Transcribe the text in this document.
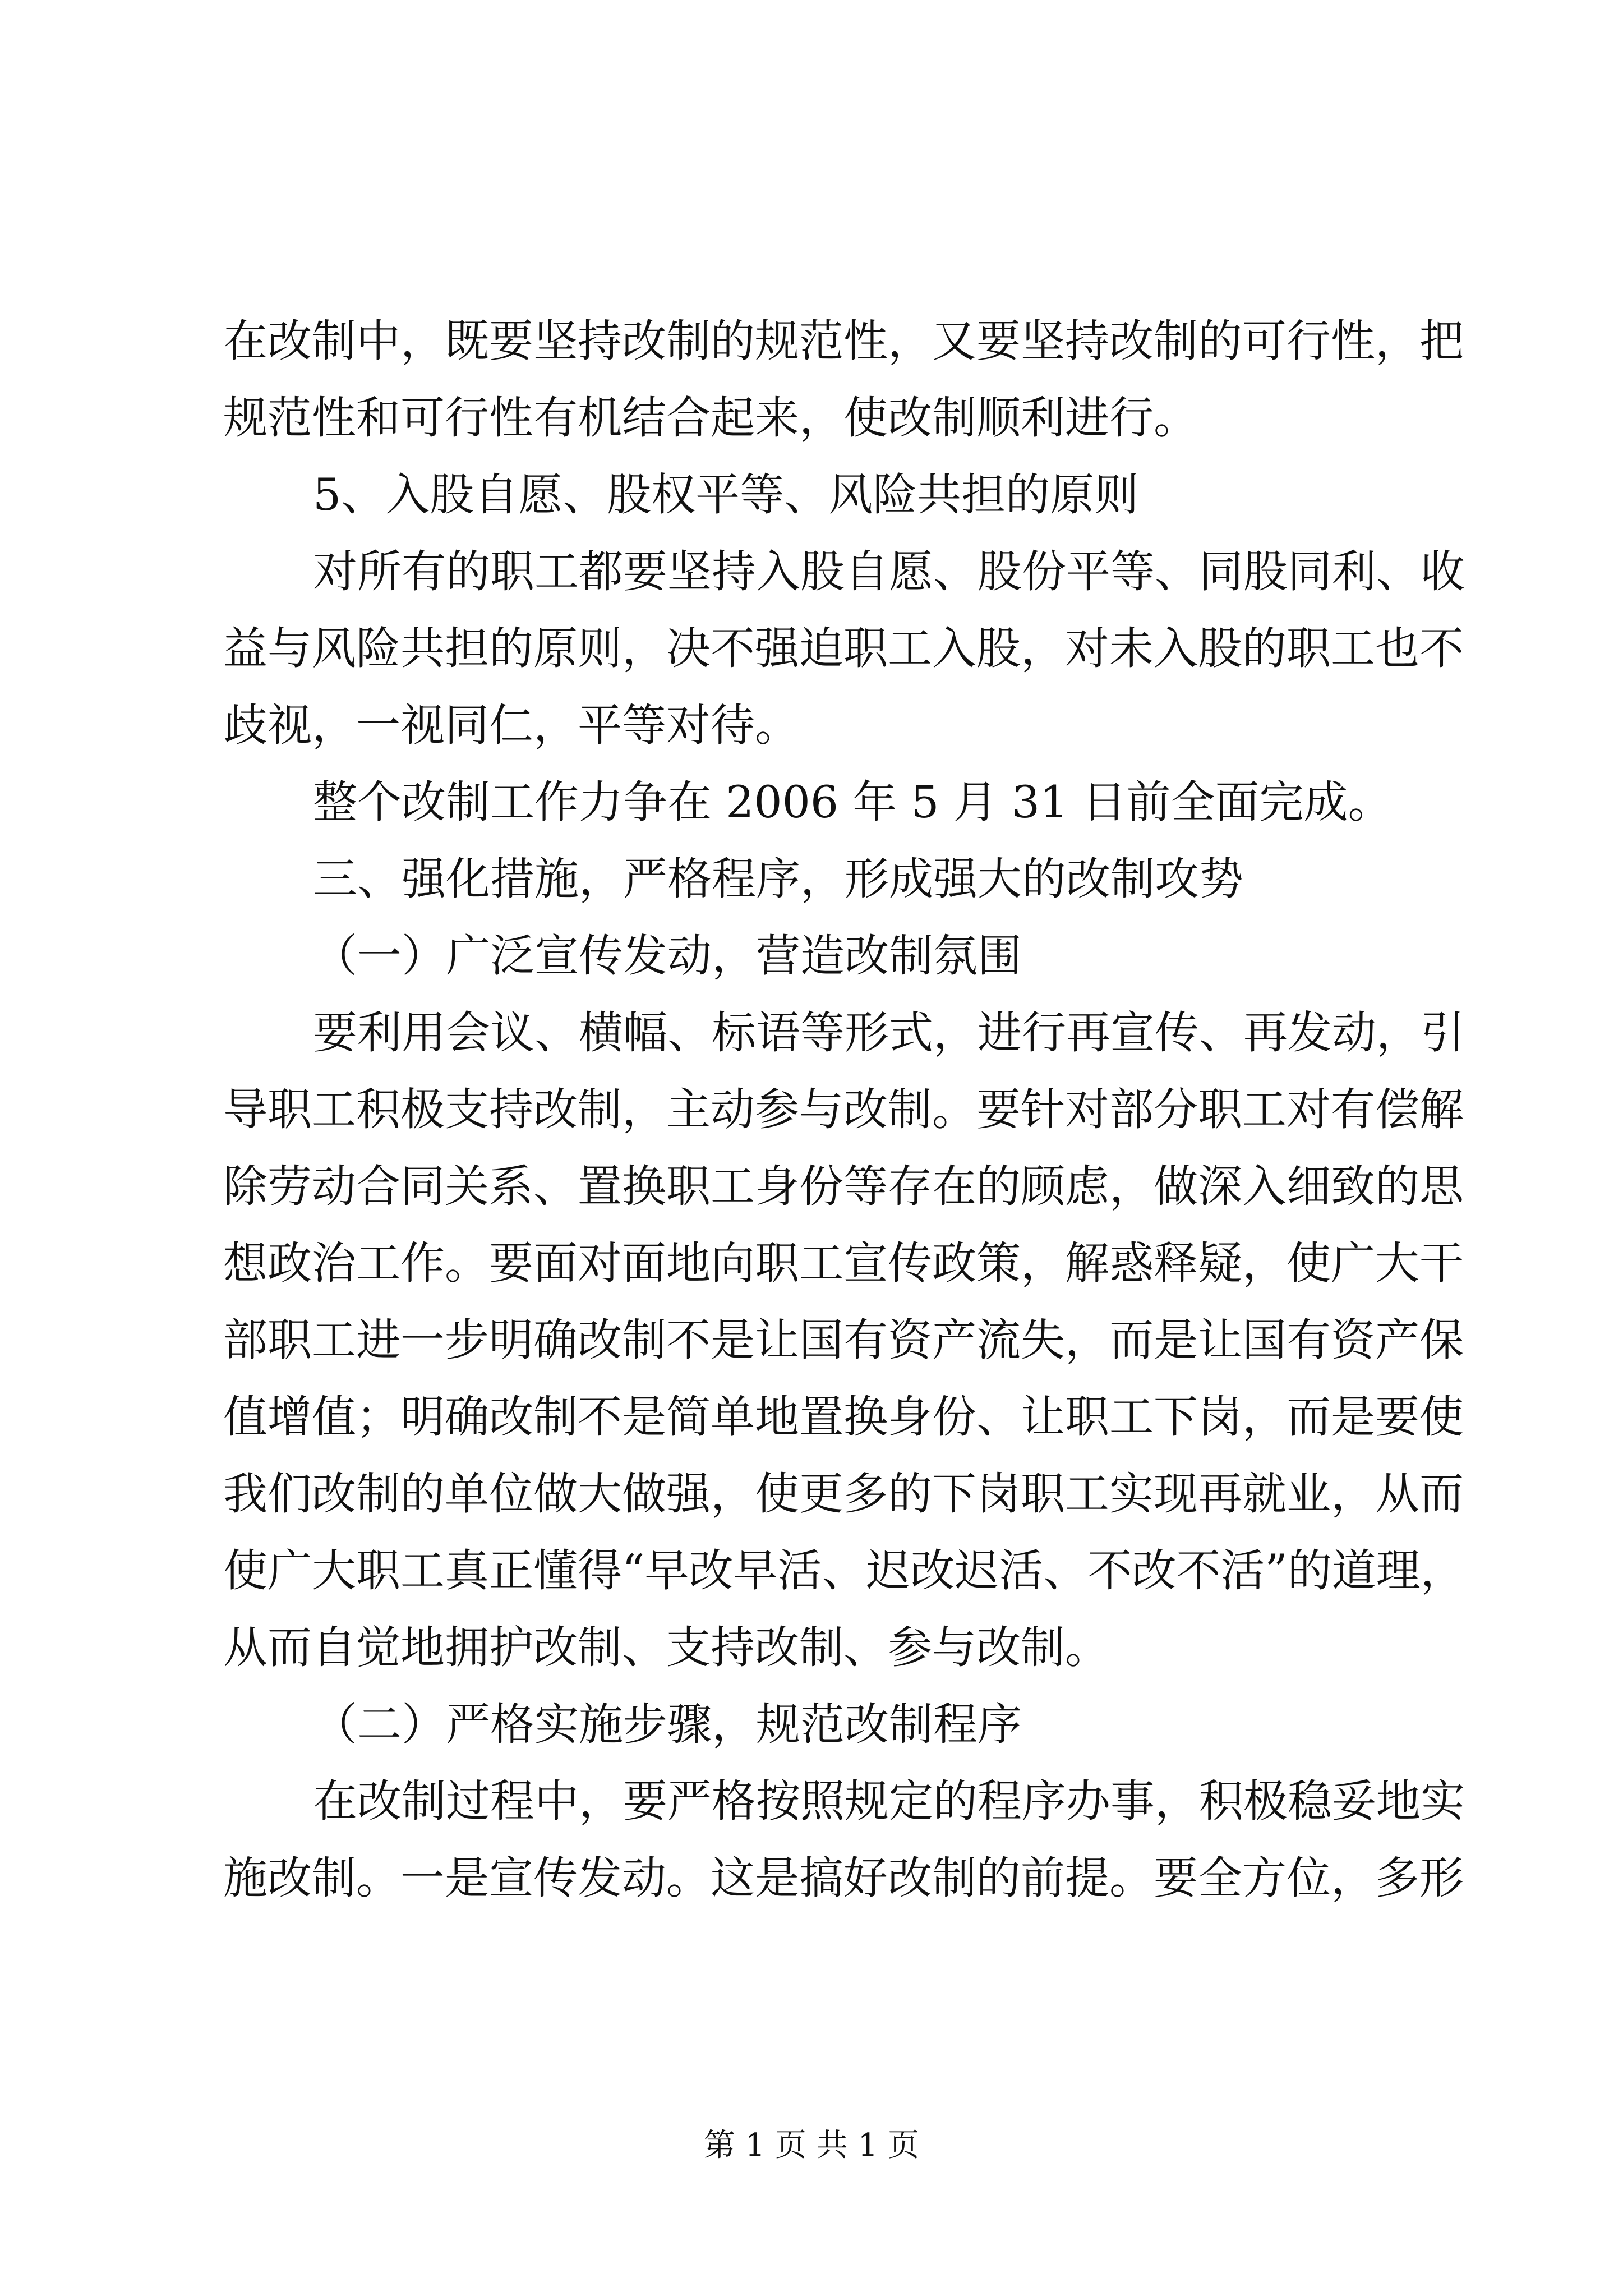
在改制中，既要坚持改制的规范性，又要坚持改制的可行性，把
规范性和可行性有机结合起来，使改制顺利进行。
5、入股自愿、股权平等、风险共担的原则
对所有的职工都要坚持入股自愿、股份平等、同股同利、收
益与风险共担的原则，决不强迫职工入股，对未入股的职工也不
歧视，一视同仁，平等对待。
整个改制工作力争在 2006 年 5 月 31 日前全面完成。
三、强化措施，严格程序，形成强大的改制攻势
（一）广泛宣传发动，营造改制氛围
要利用会议、横幅、标语等形式，进行再宣传、再发动，引
导职工积极支持改制，主动参与改制。要针对部分职工对有偿解
除劳动合同关系、置换职工身份等存在的顾虑，做深入细致的思
想政治工作。要面对面地向职工宣传政策，解惑释疑，使广大干
部职工进一步明确改制不是让国有资产流失，而是让国有资产保
值增值；明确改制不是简单地置换身份、让职工下岗，而是要使
我们改制的单位做大做强，使更多的下岗职工实现再就业，从而
使广大职工真正懂得“早改早活、迟改迟活、不改不活”的道理，
从而自觉地拥护改制、支持改制、参与改制。
（二）严格实施步骤，规范改制程序
在改制过程中，要严格按照规定的程序办事，积极稳妥地实
施改制。一是宣传发动。这是搞好改制的前提。要全方位，多形
第 1 页 共 1 页
